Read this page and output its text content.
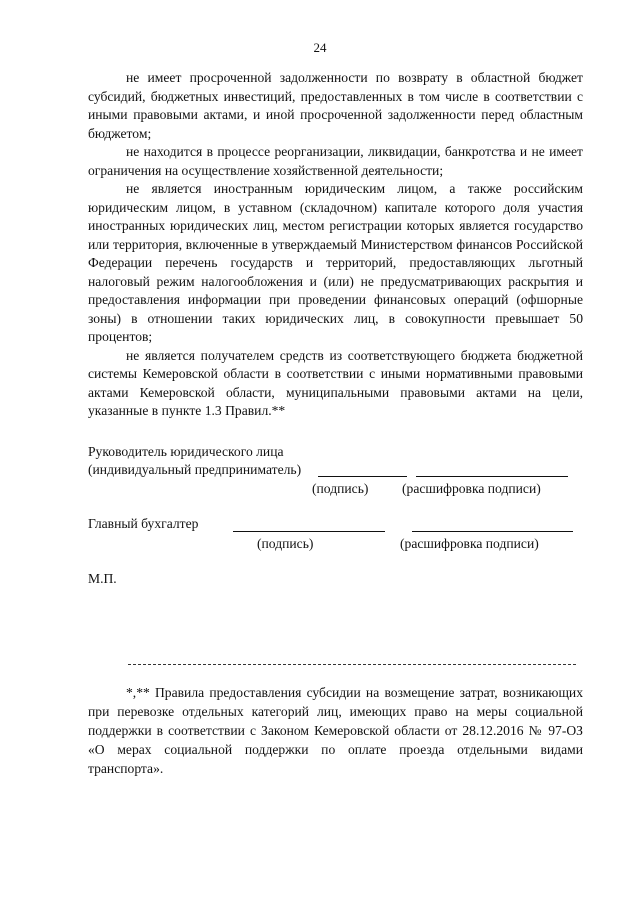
24

не имеет просроченной задолженности по возврату в областной бюджет субсидий, бюджетных инвестиций, предоставленных в том числе в соответствии с иными правовыми актами, и иной просроченной задолженности перед областным бюджетом;

не находится в процессе реорганизации, ликвидации, банкротства и не имеет ограничения на осуществление хозяйственной деятельности;

не является иностранным юридическим лицом, а также российским юридическим лицом, в уставном (складочном) капитале которого доля участия иностранных юридических лиц, местом регистрации которых является государство или территория, включенные в утверждаемый Министерством финансов Российской Федерации перечень государств и территорий, предоставляющих льготный налоговый режим налогообложения и (или) не предусматривающих раскрытия и предоставления информации при проведении финансовых операций (офшорные зоны) в отношении таких юридических лиц, в совокупности превышает 50 процентов;

не является получателем средств из соответствующего бюджета бюджетной системы Кемеровской области в соответствии с иными нормативными правовыми актами Кемеровской области, муниципальными правовыми актами на цели, указанные в пункте 1.3 Правил.**

Руководитель юридического лица
(индивидуальный предприниматель)
(подпись) (расшифровка подписи)
Главный бухгалтер
(подпись)	(расшифровка подписи)
М.П.

*,** Правила предоставления субсидии на возмещение затрат, возникающих при перевозке отдельных категорий лиц, имеющих право на меры социальной поддержки в соответствии с Законом Кемеровской области от 28.12.2016 № 97-ОЗ «О мерах социальной поддержки по оплате проезда отдельными видами транспорта».
